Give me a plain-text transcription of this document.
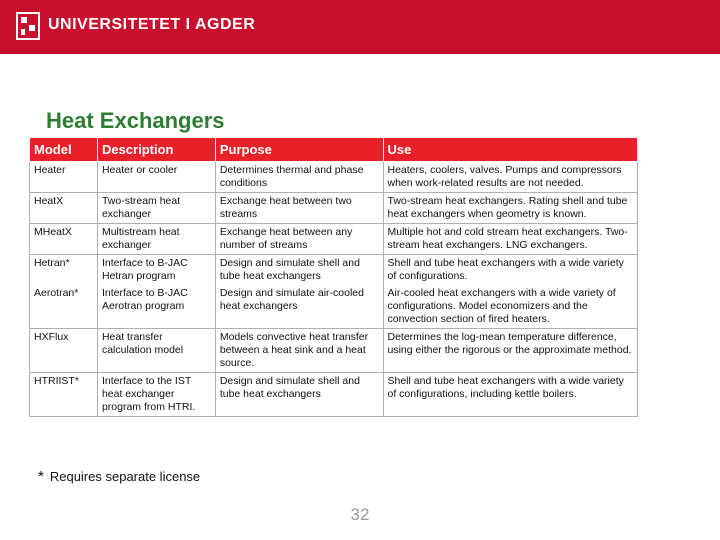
UNIVERSITETET I AGDER
Heat Exchangers
Model	Description	Purpose	Use
Heater	Heater or cooler	Determines thermal and phase conditions	Heaters, coolers, valves. Pumps and compressors when work-related results are not needed.
HeatX	Two-stream heat exchanger	Exchange heat between two streams	Two-stream heat exchangers. Rating shell and tube heat exchangers when geometry is known.
MHeatX	Multistream heat exchanger	Exchange heat between any number of streams	Multiple hot and cold stream heat exchangers. Two-stream heat exchangers. LNG exchangers.
Hetran*	Interface to B-JAC Hetran program	Design and simulate shell and tube heat exchangers	Shell and tube heat exchangers with a wide variety of configurations.
Aerotran*	Interface to B-JAC Aerotran program	Design and simulate air-cooled heat exchangers	Air-cooled heat exchangers with a wide variety of configurations. Model economizers and the convection section of fired heaters.
HXFlux	Heat transfer calculation model	Models convective heat transfer between a heat sink and a heat source.	Determines the log-mean temperature difference, using either the rigorous or the approximate method.
HTRIIST*	Interface to the IST heat exchanger program from HTRI.	Design and simulate shell and tube heat exchangers	Shell and tube heat exchangers with a wide variety of configurations, including kettle boilers.
* Requires separate license
32
